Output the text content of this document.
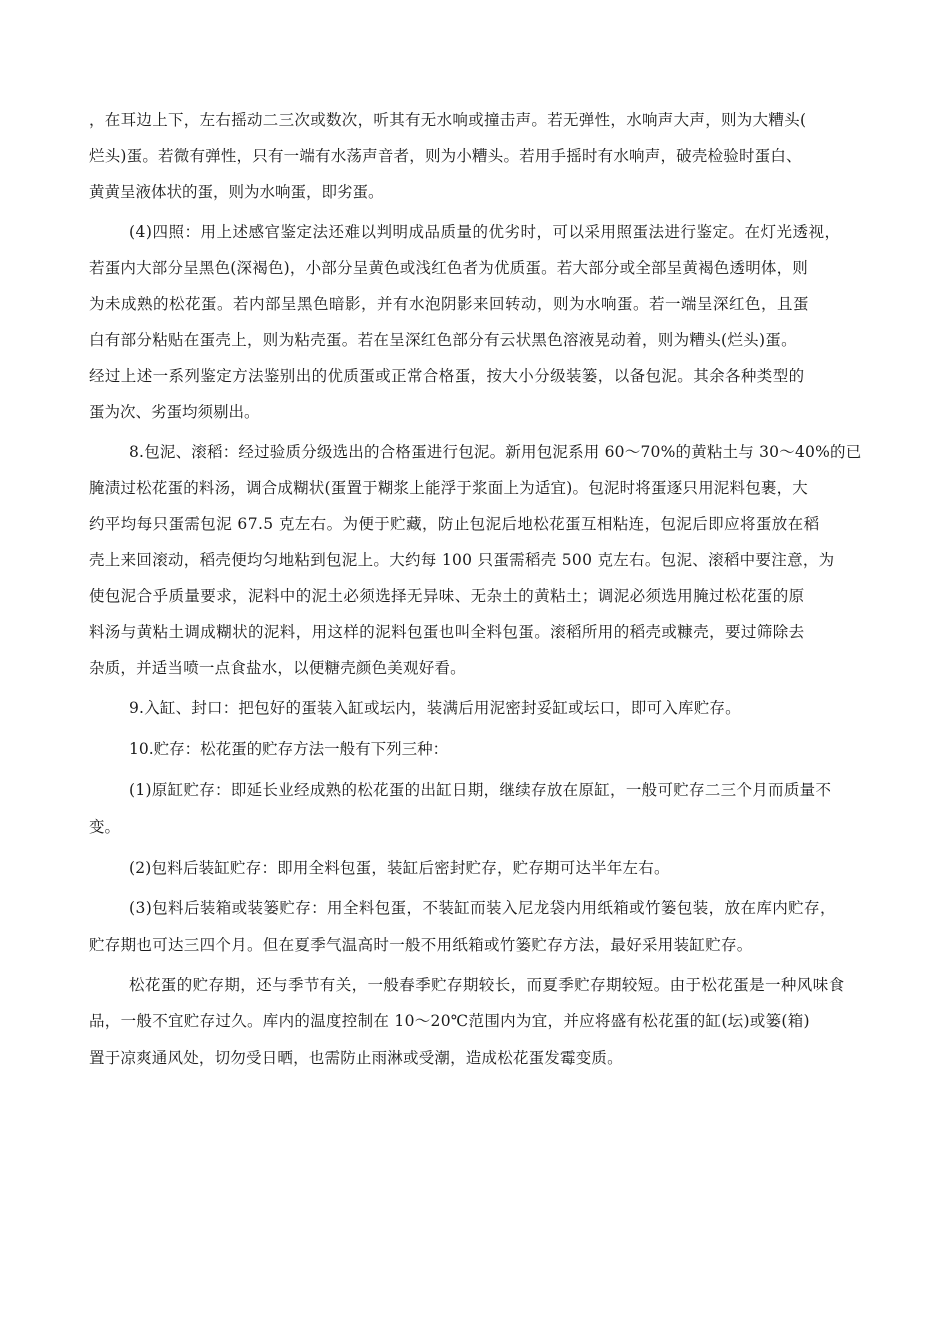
，在耳边上下，左右摇动二三次或数次，听其有无水响或撞击声。若无弹性，水响声大声，则为大糟头(
烂头)蛋。若微有弹性，只有一端有水荡声音者，则为小糟头。若用手摇时有水响声，破壳检验时蛋白、
黄黄呈液体状的蛋，则为水响蛋，即劣蛋。
(4)四照：用上述感官鉴定法还难以判明成品质量的优劣时，可以采用照蛋法进行鉴定。在灯光透视，
若蛋内大部分呈黑色(深褐色)，小部分呈黄色或浅红色者为优质蛋。若大部分或全部呈黄褐色透明体，则
为未成熟的松花蛋。若内部呈黑色暗影，并有水泡阴影来回转动，则为水响蛋。若一端呈深红色，且蛋
白有部分粘贴在蛋壳上，则为粘壳蛋。若在呈深红色部分有云状黑色溶液晃动着，则为糟头(烂头)蛋。
经过上述一系列鉴定方法鉴别出的优质蛋或正常合格蛋，按大小分级装篓，以备包泥。其余各种类型的
蛋为次、劣蛋均须剔出。
8.包泥、滚稻：经过验质分级选出的合格蛋进行包泥。新用包泥系用 60～70%的黄粘土与 30～40%的已
腌渍过松花蛋的料汤，调合成糊状(蛋置于糊浆上能浮于浆面上为适宜)。包泥时将蛋逐只用泥料包裹，大
约平均每只蛋需包泥 67.5 克左右。为便于贮藏，防止包泥后地松花蛋互相粘连，包泥后即应将蛋放在稻
壳上来回滚动，稻壳便均匀地粘到包泥上。大约每 100 只蛋需稻壳 500 克左右。包泥、滚稻中要注意，为
使包泥合乎质量要求，泥料中的泥土必须选择无异味、无杂土的黄粘土；调泥必须选用腌过松花蛋的原
料汤与黄粘土调成糊状的泥料，用这样的泥料包蛋也叫全料包蛋。滚稻所用的稻壳或糠壳，要过筛除去
杂质，并适当喷一点食盐水，以便糖壳颜色美观好看。
9.入缸、封口：把包好的蛋装入缸或坛内，装满后用泥密封妥缸或坛口，即可入库贮存。
10.贮存：松花蛋的贮存方法一般有下列三种：
(1)原缸贮存：即延长业经成熟的松花蛋的出缸日期，继续存放在原缸，一般可贮存二三个月而质量不
变。
(2)包料后装缸贮存：即用全料包蛋，装缸后密封贮存，贮存期可达半年左右。
(3)包料后装箱或装篓贮存：用全料包蛋，不装缸而装入尼龙袋内用纸箱或竹篓包装，放在库内贮存，
贮存期也可达三四个月。但在夏季气温高时一般不用纸箱或竹篓贮存方法，最好采用装缸贮存。
松花蛋的贮存期，还与季节有关，一般春季贮存期较长，而夏季贮存期较短。由于松花蛋是一种风味食
品，一般不宜贮存过久。库内的温度控制在 10～20℃范围内为宜，并应将盛有松花蛋的缸(坛)或篓(箱)
置于凉爽通风处，切勿受日晒，也需防止雨淋或受潮，造成松花蛋发霉变质。
